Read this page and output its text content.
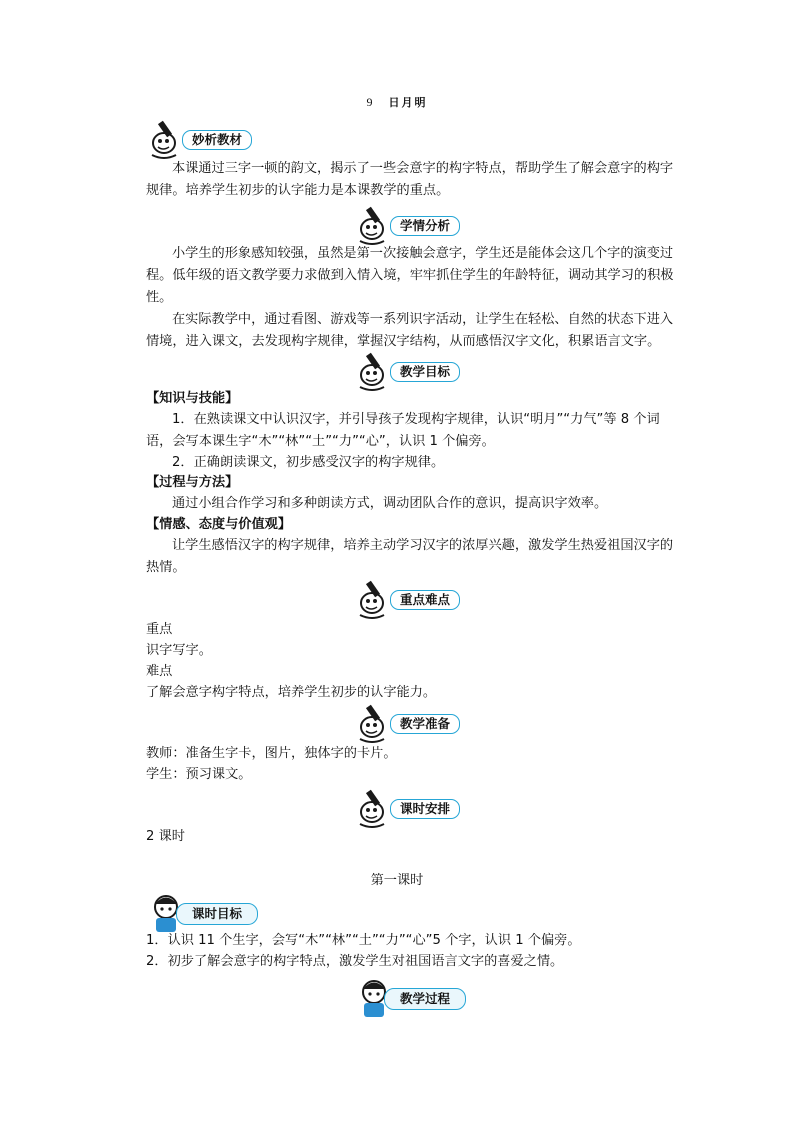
9 日月明
妙析教材

本课通过三字一顿的韵文，揭示了一些会意字的构字特点，帮助学生了解会意字的构字规律。培养学生初步的认字能力是本课教学的重点。

学情分析

小学生的形象感知较强，虽然是第一次接触会意字，学生还是能体会这几个字的演变过程。低年级的语文教学要力求做到入情入境，牢牢抓住学生的年龄特征，调动其学习的积极性。

在实际教学中，通过看图、游戏等一系列识字活动，让学生在轻松、自然的状态下进入情境，进入课文，去发现构字规律，掌握汉字结构，从而感悟汉字文化，积累语言文字。

教学目标
【知识与技能】

1．在熟读课文中认识汉字，并引导孩子发现构字规律，认识“明月”“力气”等 8 个词语，会写本课生字“木”“林”“土”“力”“心”，认识 1 个偏旁。

2．正确朗读课文，初步感受汉字的构字规律。

【过程与方法】

通过小组合作学习和多种朗读方式，调动团队合作的意识，提高识字效率。

【情感、态度与价值观】

让学生感悟汉字的构字规律，培养主动学习汉字的浓厚兴趣，激发学生热爱祖国汉字的热情。

重点难点

重点

识字写字。

难点

了解会意字构字特点，培养学生初步的认字能力。

教学准备

教师：准备生字卡，图片，独体字的卡片。

学生：预习课文。

课时安排

2 课时

第一课时
课时目标

1．认识 11 个生字，会写“木”“林”“土”“力”“心”5 个字，认识 1 个偏旁。

2．初步了解会意字的构字特点，激发学生对祖国语言文字的喜爱之情。

教学过程
